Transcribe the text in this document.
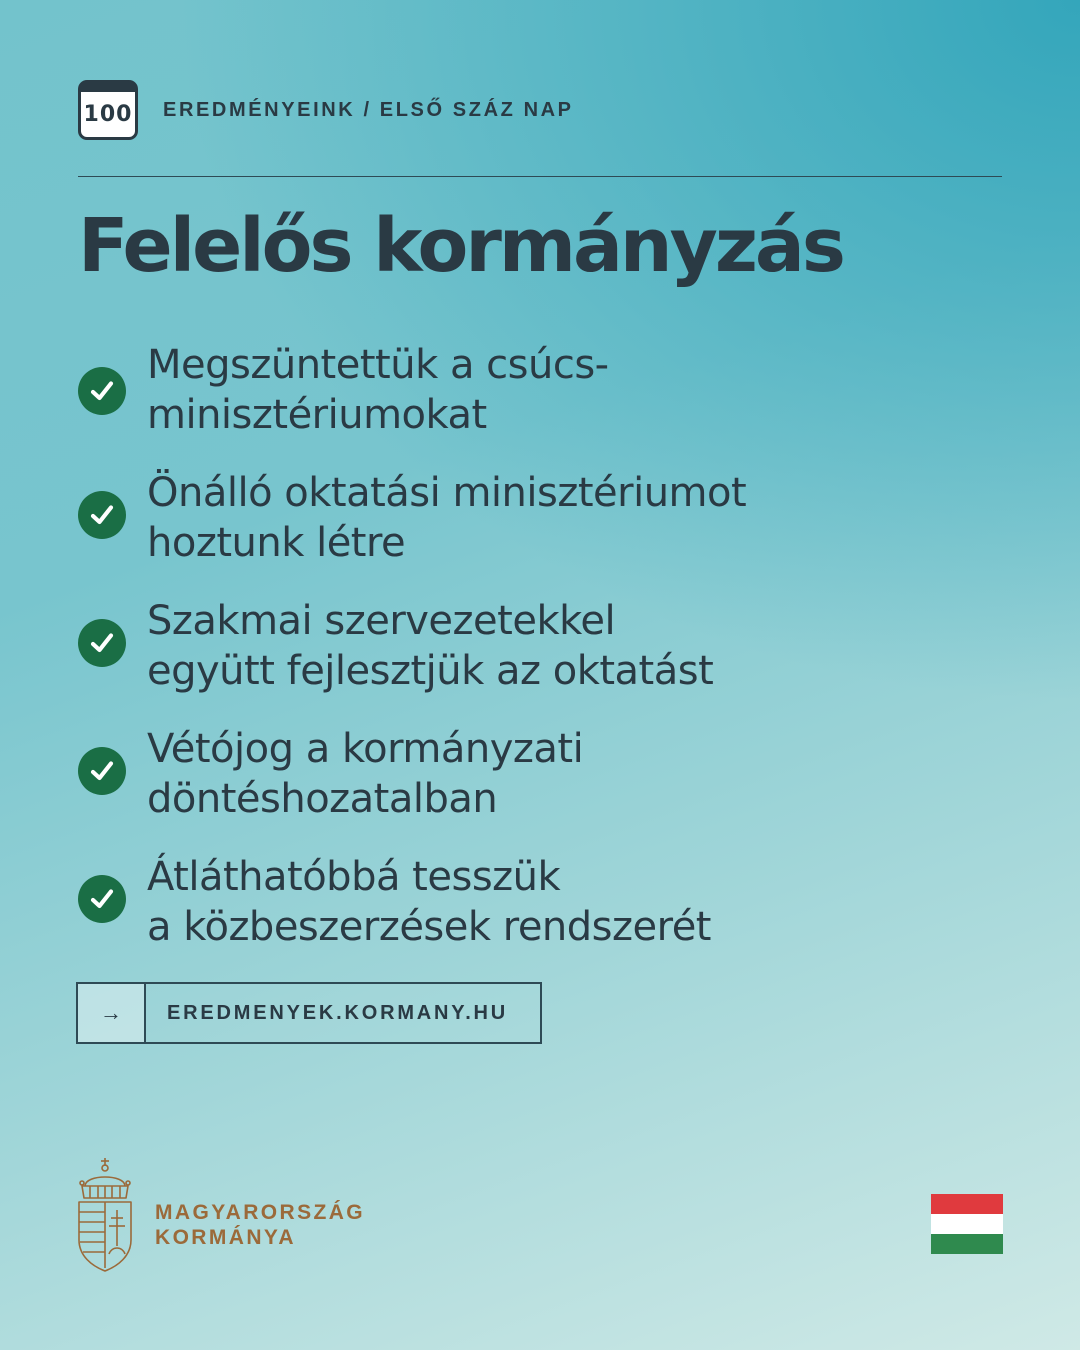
100 EREDMÉNYEINK / ELSŐ SZÁZ NAP
Felelős kormányzás
Megszüntettük a csúcs-
minisztériumokat
Önálló oktatási minisztériumot
hoztunk létre
Szakmai szervezetekkel
együtt fejlesztjük az oktatást
Vétójog a kormányzati
döntéshozatalban
Átláthatóbbá tesszük
a közbeszerzések rendszerét
→	EREDMENYEK.KORMANY.HU
MAGYARORSZÁG
KORMÁNYA
